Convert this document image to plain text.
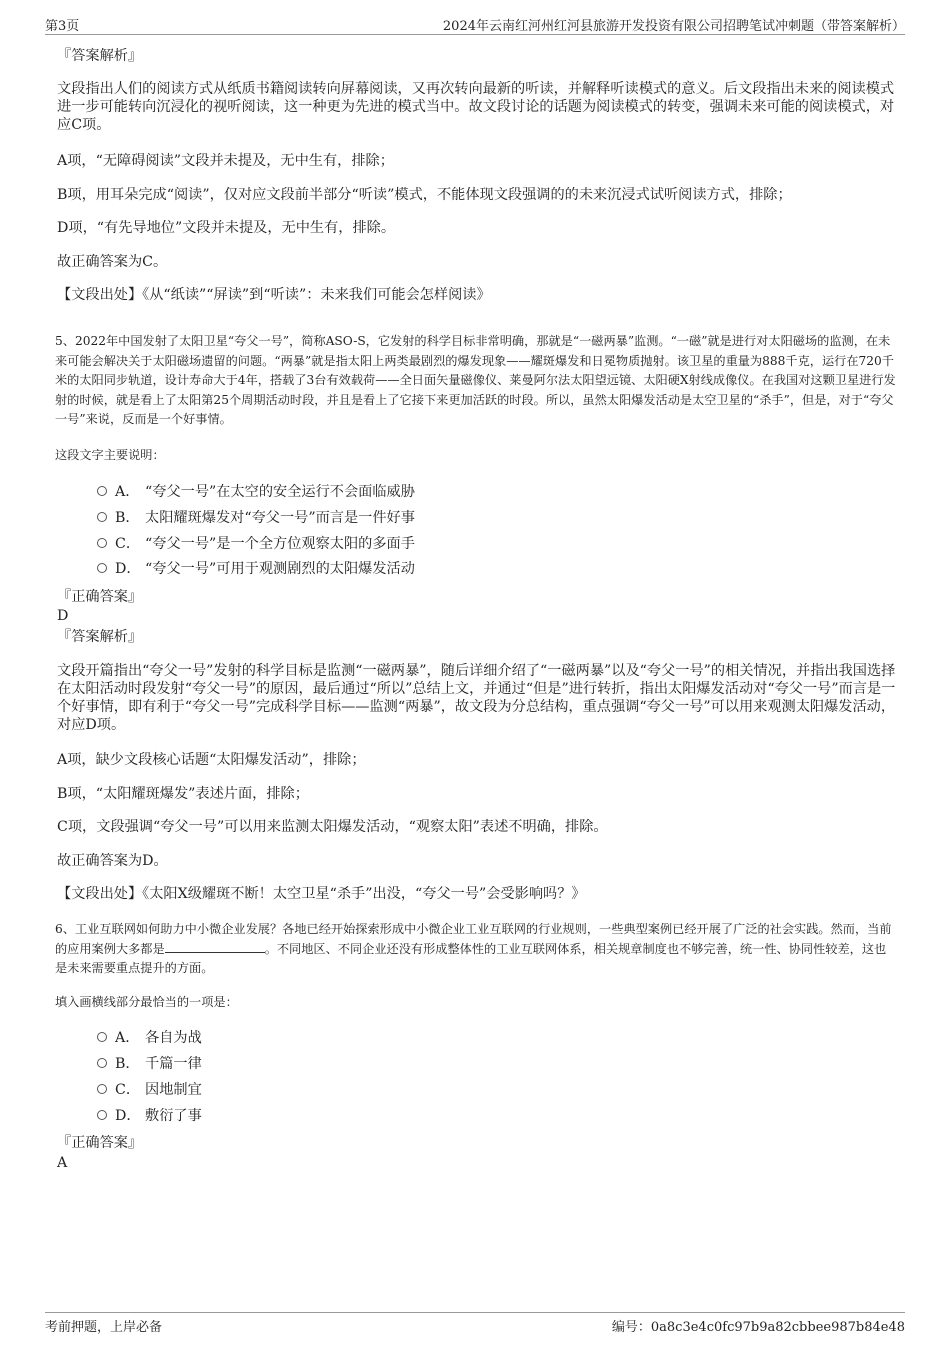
第3页	2024年云南红河州红河县旅游开发投资有限公司招聘笔试冲刺题（带答案解析）
『答案解析』
文段指出人们的阅读方式从纸质书籍阅读转向屏幕阅读，又再次转向最新的听读，并解释听读模式的意义。后文段指出未来的阅读模式进一步可能转向沉浸化的视听阅读，这一种更为先进的模式当中。故文段讨论的话题为阅读模式的转变，强调未来可能的阅读模式，对应C项。
A项，“无障碍阅读”文段并未提及，无中生有，排除；
B项，用耳朵完成“阅读”，仅对应文段前半部分“听读”模式，不能体现文段强调的的未来沉浸式试听阅读方式，排除；
D项，“有先导地位”文段并未提及，无中生有，排除。
故正确答案为C。
【文段出处】《从“纸读”“屏读”到“听读”：未来我们可能会怎样阅读》
5、2022年中国发射了太阳卫星“夸父一号”，简称ASO-S，它发射的科学目标非常明确，那就是“一磁两暴”监测。“一磁”就是进行对太阳磁场的监测，在未来可能会解决关于太阳磁场遗留的问题。“两暴”就是指太阳上两类最剧烈的爆发现象——耀斑爆发和日冕物质抛射。该卫星的重量为888千克，运行在720千米的太阳同步轨道，设计寿命大于4年，搭载了3台有效载荷——全日面矢量磁像仪、莱曼阿尔法太阳望远镜、太阳硬X射线成像仪。在我国对这颗卫星进行发射的时候，就是看上了太阳第25个周期活动时段，并且是看上了它接下来更加活跃的时段。所以，虽然太阳爆发活动是太空卫星的“杀手”，但是，对于“夸父一号”来说，反而是一个好事情。
这段文字主要说明：
A． “夸父一号”在太空的安全运行不会面临威胁
B． 太阳耀斑爆发对“夸父一号”而言是一件好事
C． “夸父一号”是一个全方位观察太阳的多面手
D． “夸父一号”可用于观测剧烈的太阳爆发活动
『正确答案』
D
『答案解析』
文段开篇指出“夸父一号”发射的科学目标是监测“一磁两暴”，随后详细介绍了“一磁两暴”以及“夸父一号”的相关情况，并指出我国选择在太阳活动时段发射“夸父一号”的原因，最后通过“所以”总结上文，并通过“但是”进行转折，指出太阳爆发活动对“夸父一号”而言是一个好事情，即有利于“夸父一号”完成科学目标——监测“两暴”，故文段为分总结构，重点强调“夸父一号”可以用来观测太阳爆发活动，对应D项。
A项，缺少文段核心话题“太阳爆发活动”，排除；
B项，“太阳耀斑爆发”表述片面，排除；
C项，文段强调“夸父一号”可以用来监测太阳爆发活动，“观察太阳”表述不明确，排除。
故正确答案为D。
【文段出处】《太阳X级耀斑不断！太空卫星“杀手”出没，“夸父一号”会受影响吗？》
6、工业互联网如何助力中小微企业发展？各地已经开始探索形成中小微企业工业互联网的行业规则，一些典型案例已经开展了广泛的社会实践。然而，当前的应用案例大多都是	。不同地区、不同企业还没有形成整体性的工业互联网体系，相关规章制度也不够完善，统一性、协同性较差，这也是未来需要重点提升的方面。
填入画横线部分最恰当的一项是：
A． 各自为战
B． 千篇一律
C． 因地制宜
D． 敷衍了事
『正确答案』
A
考前押题，上岸必备	编号：0a8c3e4c0fc97b9a82cbbee987b84e48
